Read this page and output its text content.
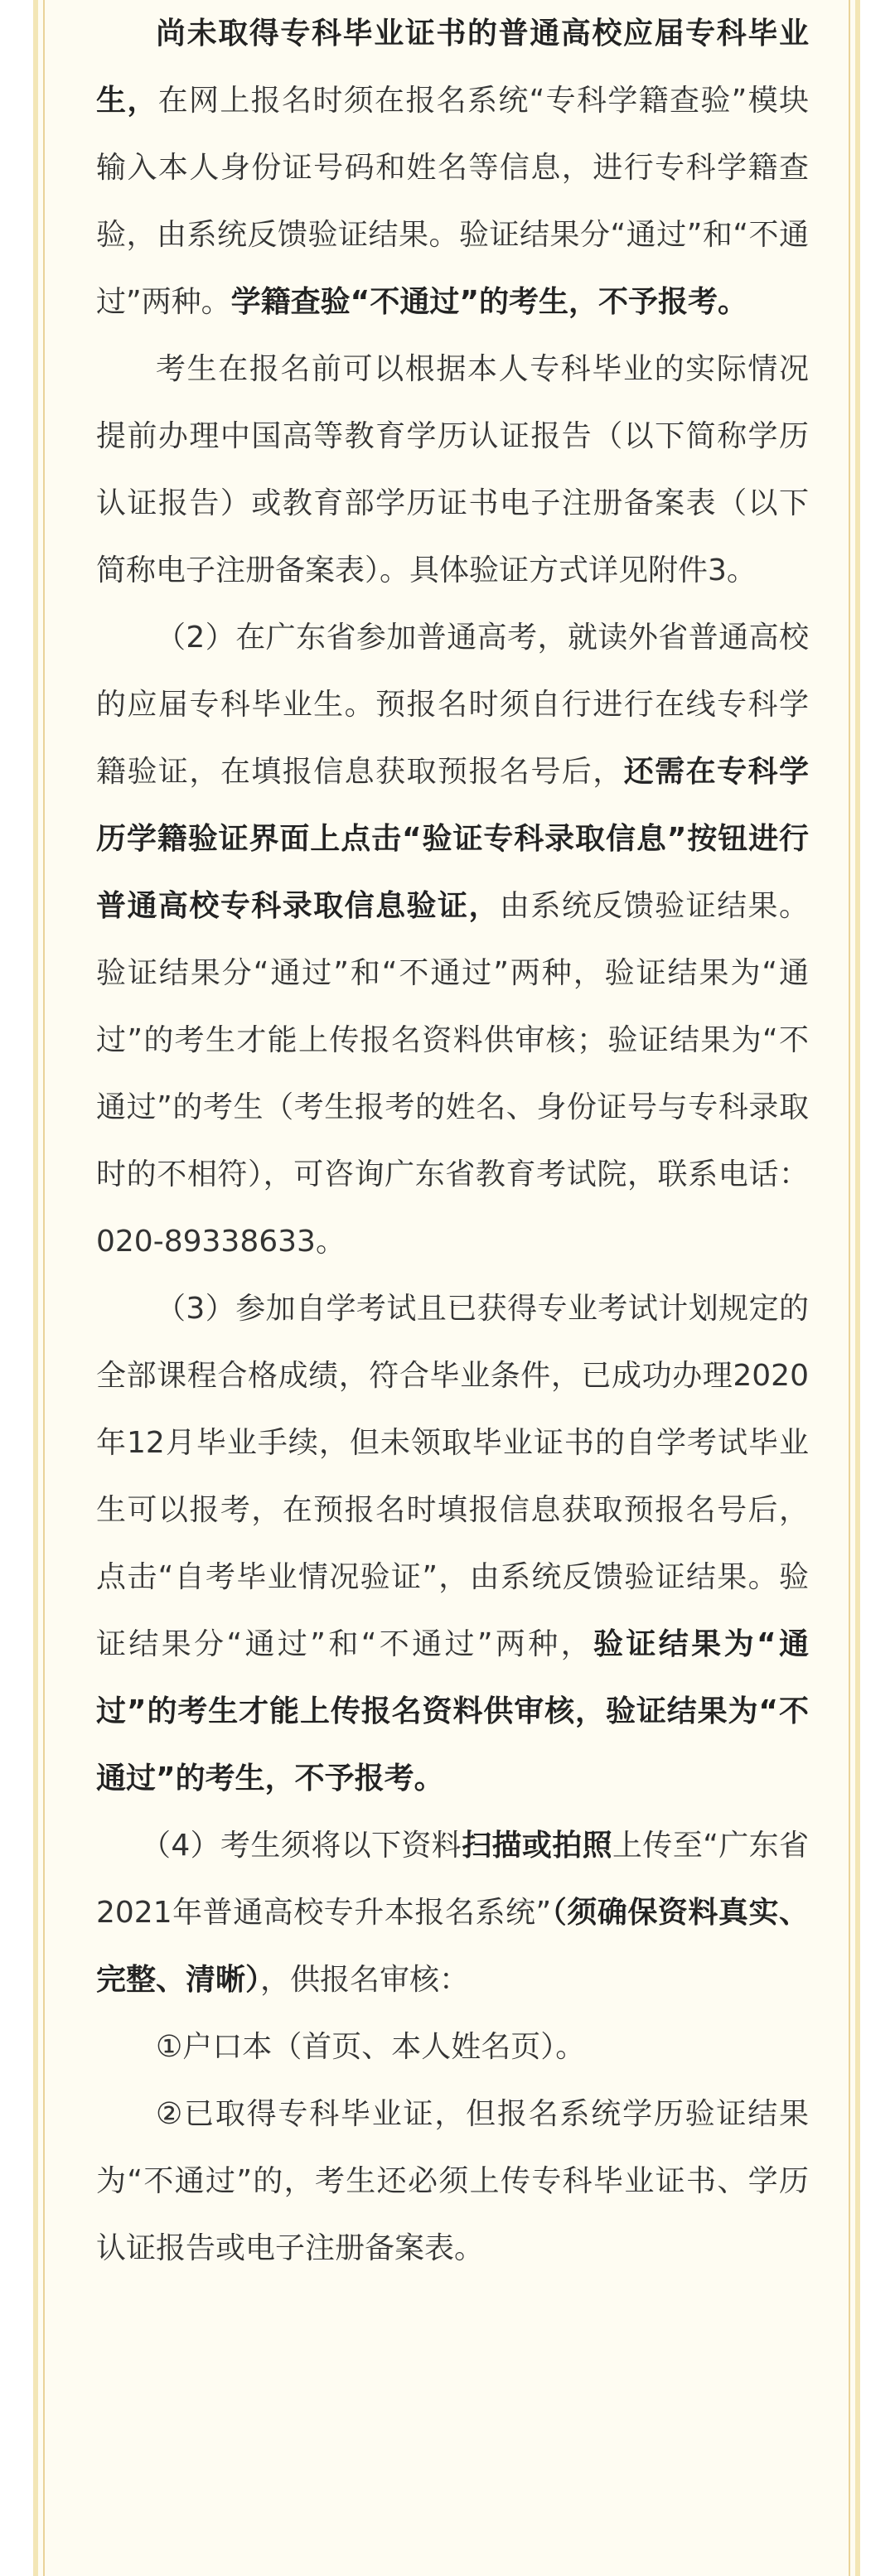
尚未取得专科毕业证书的普通高校应届专科毕业生，在网上报名时须在报名系统“专科学籍查验”模块输入本人身份证号码和姓名等信息，进行专科学籍查验，由系统反馈验证结果。验证结果分“通过”和“不通过”两种。学籍查验“不通过”的考生，不予报考。

考生在报名前可以根据本人专科毕业的实际情况提前办理中国高等教育学历认证报告（以下简称学历认证报告）或教育部学历证书电子注册备案表（以下简称电子注册备案表）。具体验证方式详见附件3。

（2）在广东省参加普通高考，就读外省普通高校的应届专科毕业生。预报名时须自行进行在线专科学籍验证，在填报信息获取预报名号后，还需在专科学历学籍验证界面上点击“验证专科录取信息”按钮进行普通高校专科录取信息验证，由系统反馈验证结果。验证结果分“通过”和“不通过”两种，验证结果为“通过”的考生才能上传报名资料供审核；验证结果为“不通过”的考生（考生报考的姓名、身份证号与专科录取时的不相符），可咨询广东省教育考试院，联系电话：020-89338633。

（3）参加自学考试且已获得专业考试计划规定的全部课程合格成绩，符合毕业条件，已成功办理2020年12月毕业手续，但未领取毕业证书的自学考试毕业生可以报考，在预报名时填报信息获取预报名号后，点击“自考毕业情况验证”，由系统反馈验证结果。验证结果分“通过”和“不通过”两种，验证结果为“通过”的考生才能上传报名资料供审核，验证结果为“不通过”的考生，不予报考。

（4）考生须将以下资料扫描或拍照上传至“广东省2021年普通高校专升本报名系统”（须确保资料真实、完整、清晰），供报名审核：

①户口本（首页、本人姓名页）。

②已取得专科毕业证，但报名系统学历验证结果为“不通过”的，考生还必须上传专科毕业证书、学历认证报告或电子注册备案表。
